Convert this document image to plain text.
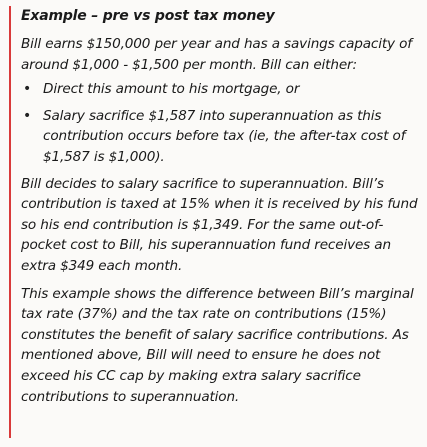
Example – pre vs post tax money

Bill earns $150,000 per year and has a savings capacity of around $1,000 - $1,500 per month. Bill can either:

• Direct this amount to his mortgage, or
• Salary sacrifice $1,587 into superannuation as this contribution occurs before tax (ie, the after-tax cost of $1,587 is $1,000).

Bill decides to salary sacrifice to superannuation. Bill’s contribution is taxed at 15% when it is received by his fund so his end contribution is $1,349. For the same out-of-pocket cost to Bill, his superannuation fund receives an extra $349 each month.

This example shows the difference between Bill’s marginal tax rate (37%) and the tax rate on contributions (15%) constitutes the benefit of salary sacrifice contributions. As mentioned above, Bill will need to ensure he does not exceed his CC cap by making extra salary sacrifice contributions to superannuation.
